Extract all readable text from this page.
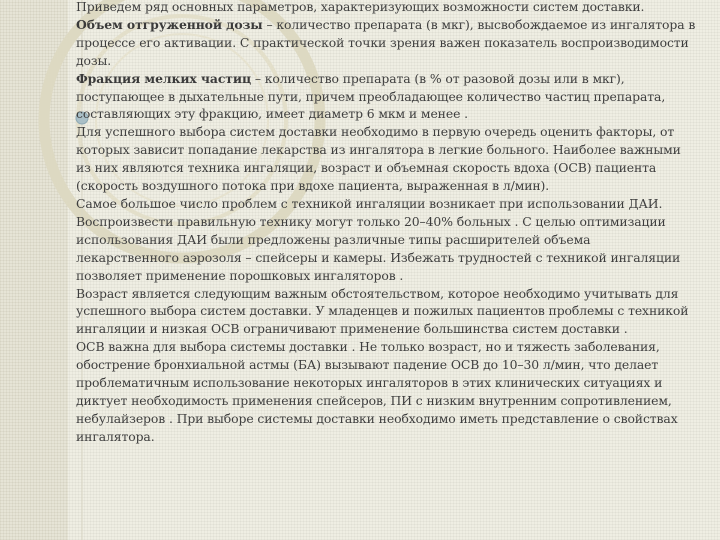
Приведем ряд основных параметров, характеризующих возможности систем доставки.
Объем отгруженной дозы – количество препарата (в мкг), высвобождаемое из ингалятора в процессе его активации. С практической точки зрения важен показатель воспроизводимости дозы.
Фракция мелких частиц – количество препарата (в % от разовой дозы или в мкг), поступающее в дыхательные пути, причем преобладающее количество частиц препарата, составляющих эту фракцию, имеет диаметр 6 мкм и менее .
Для успешного выбора систем доставки необходимо в первую очередь оценить факторы, от которых зависит попадание лекарства из ингалятора в легкие больного. Наиболее важными из них являются техника ингаляции, возраст и объемная скорость вдоха (ОСВ) пациента (скорость воздушного потока при вдохе пациента, выраженная в л/мин).
Самое большое число проблем с техникой ингаляции возникает при использовании ДАИ. Воспроизвести правильную технику могут только 20–40% больных . С целью оптимизации использования ДАИ были предложены различные типы расширителей объема лекарственного аэрозоля – спейсеры и камеры. Избежать трудностей с техникой ингаляции позволяет применение порошковых ингаляторов .
Возраст является следующим важным обстоятельством, которое необходимо учитывать для успешного выбора систем доставки. У младенцев и пожилых пациентов проблемы с техникой ингаляции и низкая ОСВ ограничивают применение большинства систем доставки .
ОСВ важна для выбора системы доставки . Не только возраст, но и тяжесть заболевания, обострение бронхиальной астмы (БА) вызывают падение ОСВ до 10–30 л/мин, что делает проблематичным использование некоторых ингаляторов в этих клинических ситуациях и диктует необходимость применения спейсеров, ПИ с низким внутренним сопротивлением, небулайзеров . При выборе системы доставки необходимо иметь представление о свойствах ингалятора.
